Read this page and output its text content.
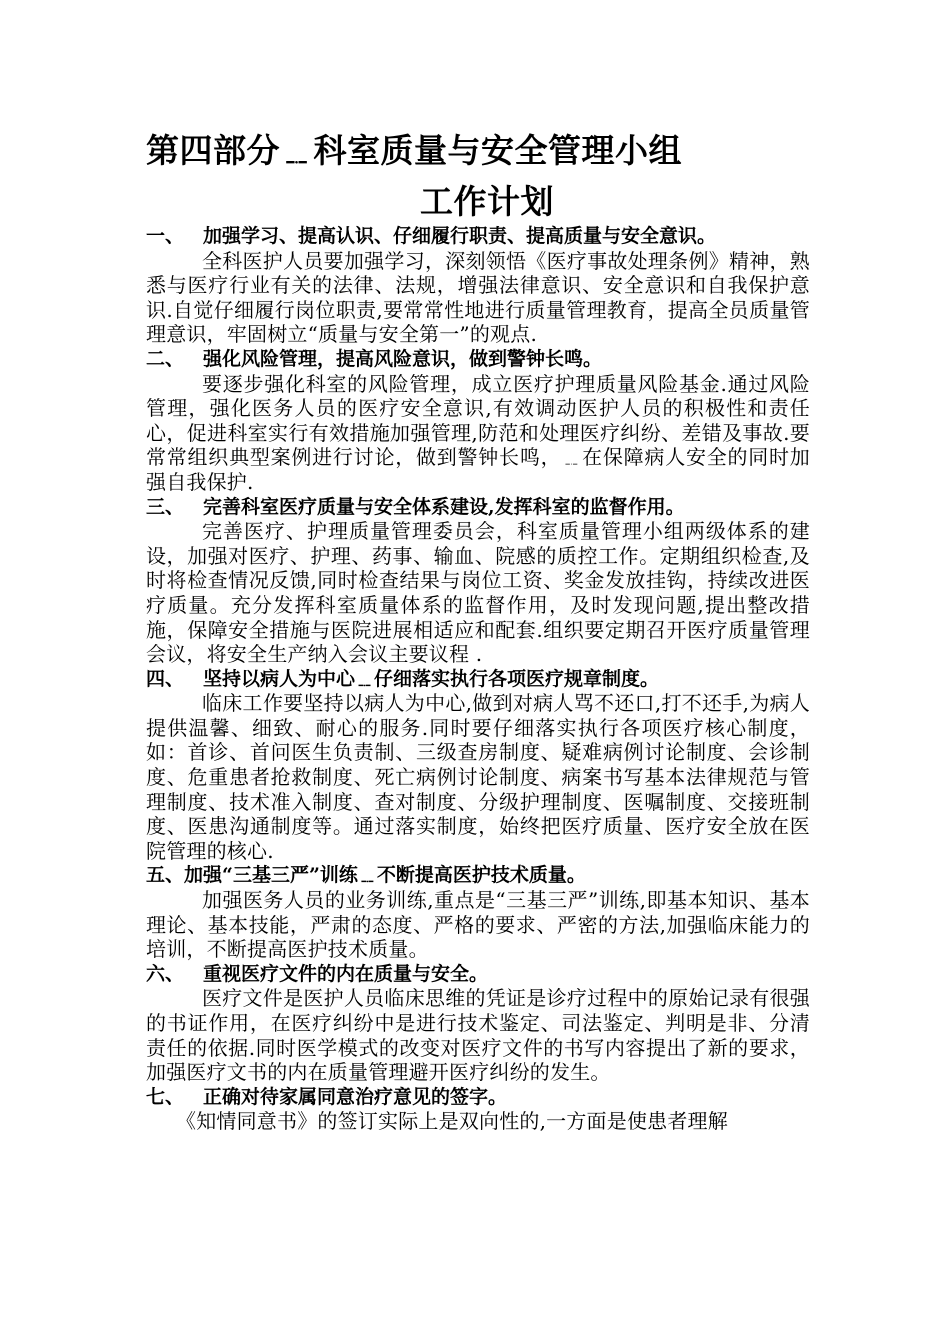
第四部分﹎科室质量与安全管理小组
工作计划
一、 加强学习、提高认识、仔细履行职责、提高质量与安全意识。
全科医护人员要加强学习，深刻领悟《医疗事故处理条例》精神，熟悉与医疗行业有关的法律、法规，增强法律意识、安全意识和自我保护意识.自觉仔细履行岗位职责,要常常性地进行质量管理教育，提高全员质量管理意识，牢固树立“质量与安全第一”的观点.
二、 强化风险管理，提高风险意识，做到警钟长鸣。
要逐步强化科室的风险管理，成立医疗护理质量风险基金.通过风险管理，强化医务人员的医疗安全意识,有效调动医护人员的积极性和责任心，促进科室实行有效措施加强管理,防范和处理医疗纠纷、差错及事故.要常常组织典型案例进行讨论，做到警钟长鸣，﹎在保障病人安全的同时加强自我保护.
三、 完善科室医疗质量与安全体系建设,发挥科室的监督作用。
完善医疗、护理质量管理委员会，科室质量管理小组两级体系的建设，加强对医疗、护理、药事、输血、院感的质控工作。定期组织检查,及时将检查情况反馈,同时检查结果与岗位工资、奖金发放挂钩，持续改进医疗质量。充分发挥科室质量体系的监督作用，及时发现问题,提出整改措施，保障安全措施与医院进展相适应和配套.组织要定期召开医疗质量管理会议，将安全生产纳入会议主要议程 .
四、 坚持以病人为中心﹎仔细落实执行各项医疗规章制度。
临床工作要坚持以病人为中心,做到对病人骂不还口,打不还手,为病人提供温馨、细致、耐心的服务.同时要仔细落实执行各项医疗核心制度，如：首诊、首问医生负责制、三级查房制度、疑难病例讨论制度、会诊制度、危重患者抢救制度、死亡病例讨论制度、病案书写基本法律规范与管理制度、技术准入制度、查对制度、分级护理制度、医嘱制度、交接班制度、医患沟通制度等。通过落实制度，始终把医疗质量、医疗安全放在医院管理的核心.
五、加强“三基三严”训练﹎不断提高医护技术质量。
加强医务人员的业务训练,重点是“三基三严”训练,即基本知识、基本理论、基本技能，严肃的态度、严格的要求、严密的方法,加强临床能力的培训，不断提高医护技术质量。
六、 重视医疗文件的内在质量与安全。
医疗文件是医护人员临床思维的凭证是诊疗过程中的原始记录有很强的书证作用，在医疗纠纷中是进行技术鉴定、司法鉴定、判明是非、分清责任的依据.同时医学模式的改变对医疗文件的书写内容提出了新的要求，加强医疗文书的内在质量管理避开医疗纠纷的发生。
七、 正确对待家属同意治疗意见的签字。
《知情同意书》的签订实际上是双向性的,一方面是使患者理解
